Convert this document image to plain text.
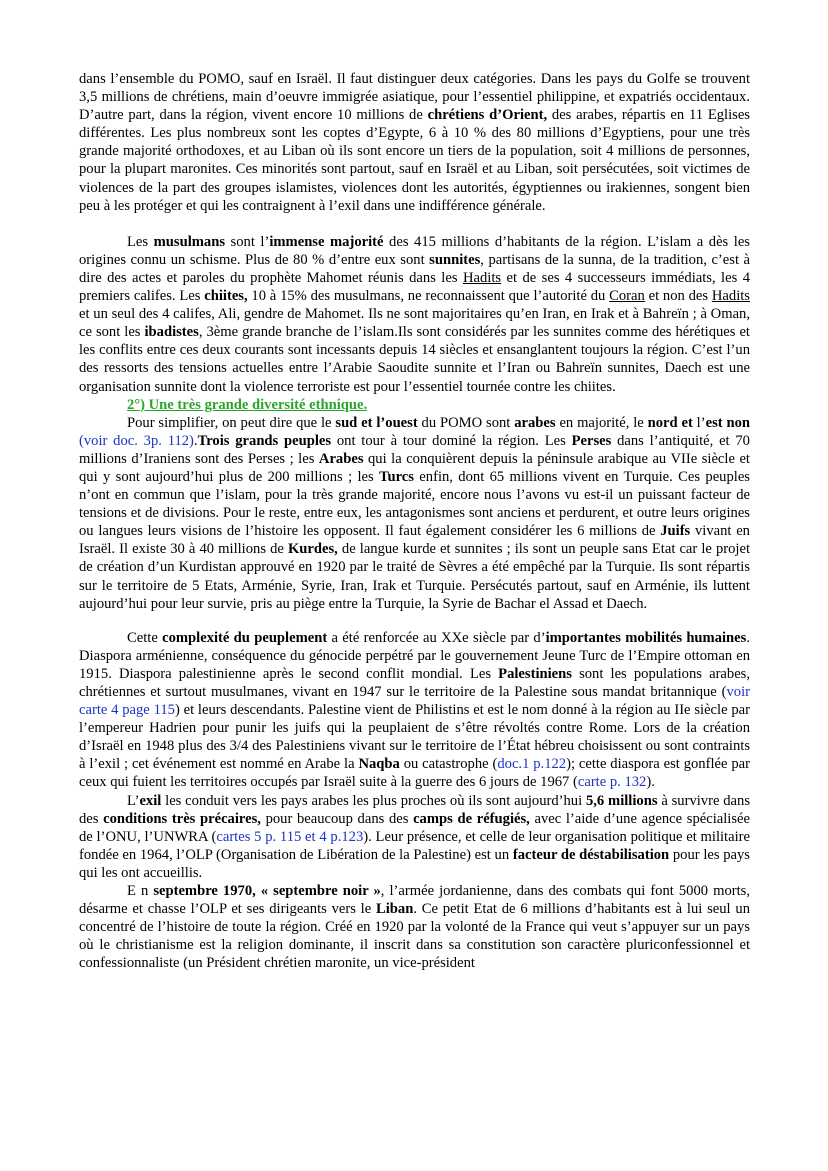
dans l’ensemble du POMO, sauf en Israël. Il faut distinguer deux catégories. Dans les pays du Golfe se trouvent 3,5 millions de chrétiens, main d’oeuvre immigrée asiatique, pour l’essentiel philippine, et expatriés occidentaux. D’autre part, dans la région, vivent encore 10 millions de chrétiens d’Orient, des arabes, répartis en 11 Eglises différentes. Les plus nombreux sont les coptes d’Egypte, 6 à 10 % des 80 millions d’Egyptiens, pour une très grande majorité orthodoxes, et au Liban où ils sont encore un tiers de la population, soit 4 millions de personnes, pour la plupart maronites. Ces minorités sont partout, sauf en Israël et au Liban, soit persécutées, soit victimes de violences de la part des groupes islamistes, violences dont les autorités, égyptiennes ou irakiennes, songent bien peu à les protéger et qui les contraignent à l’exil dans une indifférence générale.

Les musulmans sont l’immense majorité des 415 millions d’habitants de la région. L’islam a dès les origines connu un schisme. Plus de 80 % d’entre eux sont sunnites, partisans de la sunna, de la tradition, c’est à dire des actes et paroles du prophète Mahomet réunis dans les Hadits et de ses 4 successeurs immédiats, les 4 premiers califes. Les chiites, 10 à 15% des musulmans, ne reconnaissent que l’autorité du Coran et non des Hadits et un seul des 4 califes, Ali, gendre de Mahomet. Ils ne sont majoritaires qu’en Iran, en Irak et à Bahreïn ; à Oman, ce sont les ibadistes, 3ème grande branche de l’islam.Ils sont considérés par les sunnites comme des hérétiques et les conflits entre ces deux courants sont incessants depuis 14 siècles et ensanglantent toujours la région. C’est l’un des ressorts des tensions actuelles entre l’Arabie Saoudite sunnite et l’Iran ou Bahreïn sunnites, Daech est une organisation sunnite dont la violence terroriste est pour l’essentiel tournée contre les chiites.

2°) Une très grande diversité ethnique.

Pour simplifier, on peut dire que le sud et l’ouest du POMO sont arabes en majorité, le nord et l’est non (voir doc. 3p. 112).Trois grands peuples ont tour à tour dominé la région. Les Perses dans l’antiquité, et 70 millions d’Iraniens sont des Perses ; les Arabes qui la conquièrent depuis la péninsule arabique au VIIe siècle et qui y sont aujourd’hui plus de 200 millions ; les Turcs enfin, dont 65 millions vivent en Turquie. Ces peuples n’ont en commun que l’islam, pour la très grande majorité, encore nous l’avons vu est-il un puissant facteur de tensions et de divisions. Pour le reste, entre eux, les antagonismes sont anciens et perdurent, et outre leurs origines ou langues leurs visions de l’histoire les opposent. Il faut également considérer les 6 millions de Juifs vivant en Israël. Il existe 30 à 40 millions de Kurdes, de langue kurde et sunnites ; ils sont un peuple sans Etat car le projet de création d’un Kurdistan approuvé en 1920 par le traité de Sèvres a été empêché par la Turquie. Ils sont répartis sur le territoire de 5 Etats, Arménie, Syrie, Iran, Irak et Turquie. Persécutés partout, sauf en Arménie, ils luttent aujourd’hui pour leur survie, pris au piège entre la Turquie, la Syrie de Bachar el Assad et Daech.

Cette complexité du peuplement a été renforcée au XXe siècle par d’importantes mobilités humaines. Diaspora arménienne, conséquence du génocide perpétré par le gouvernement Jeune Turc de l’Empire ottoman en 1915. Diaspora palestinienne après le second conflit mondial. Les Palestiniens sont les populations arabes, chrétiennes et surtout musulmanes, vivant en 1947 sur le territoire de la Palestine sous mandat britannique (voir carte 4 page 115) et leurs descendants. Palestine vient de Philistins et est le nom donné à la région au IIe siècle par l’empereur Hadrien pour punir les juifs qui la peuplaient de s’être révoltés contre Rome. Lors de la création d’Israël en 1948 plus des 3/4 des Palestiniens vivant sur le territoire de l’État hébreu choisissent ou sont contraints à l’exil ; cet événement est nommé en Arabe la Naqba ou catastrophe (doc.1 p.122); cette diaspora est gonflée par ceux qui fuient les territoires occupés par Israël suite à la guerre des 6 jours de 1967 (carte p. 132).

L’exil les conduit vers les pays arabes les plus proches où ils sont aujourd’hui 5,6 millions à survivre dans des conditions très précaires, pour beaucoup dans des camps de réfugiés, avec l’aide d’une agence spécialisée de l’ONU, l’UNWRA (cartes 5 p. 115 et 4 p.123). Leur présence, et celle de leur organisation politique et militaire fondée en 1964, l’OLP (Organisation de Libération de la Palestine) est un facteur de déstabilisation pour les pays qui les ont accueillis.

E n septembre 1970, « septembre noir », l’armée jordanienne, dans des combats qui font 5000 morts, désarme et chasse l’OLP et ses dirigeants vers le Liban. Ce petit Etat de 6 millions d’habitants est à lui seul un concentré de l’histoire de toute la région. Créé en 1920 par la volonté de la France qui veut s’appuyer sur un pays où le christianisme est la religion dominante, il inscrit dans sa constitution son caractère pluriconfessionnel et confessionnaliste (un Président chrétien maronite, un vice-président
